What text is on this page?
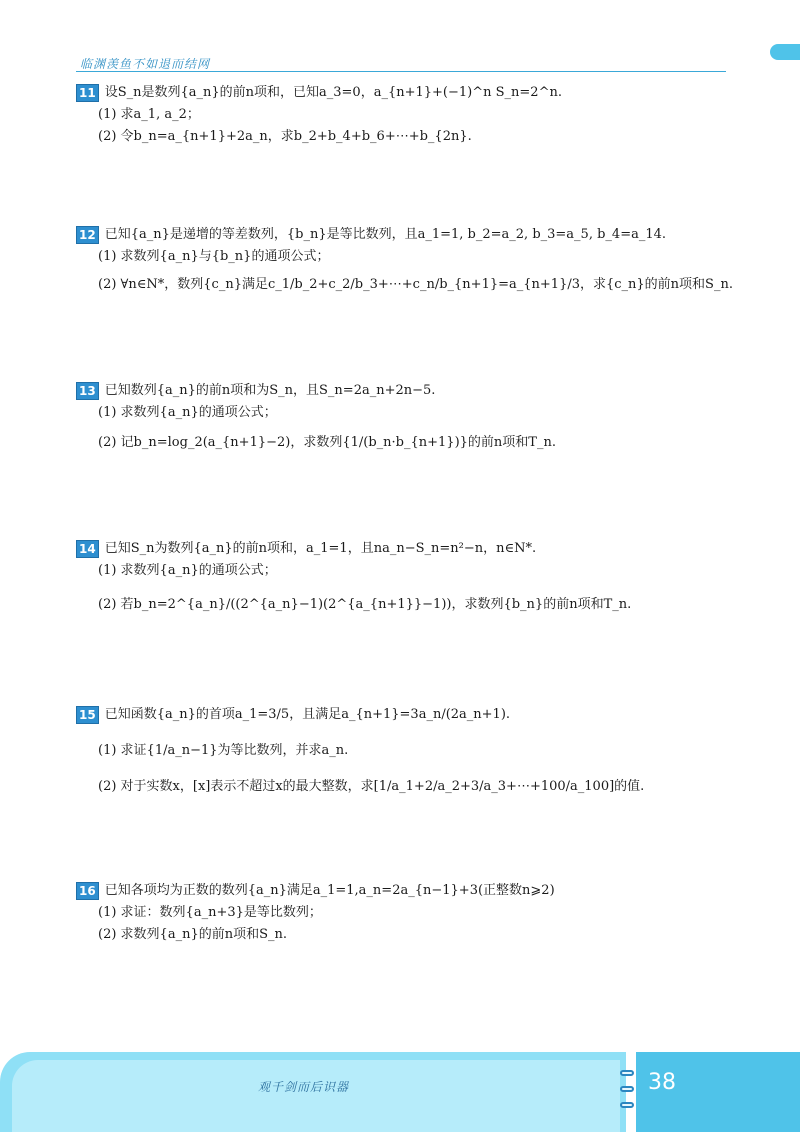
临渊羡鱼不如退而结网
11 设S_n是数列{a_n}的前n项和，已知a_3=0，a_{n+1}+(−1)^n S_n=2^n.
(1) 求a_1, a_2；
(2) 令b_n=a_{n+1}+2a_n，求b_2+b_4+b_6+⋯+b_{2n}.
12 已知{a_n}是递增的等差数列，{b_n}是等比数列，且a_1=1, b_2=a_2, b_3=a_5, b_4=a_14.
(1) 求数列{a_n}与{b_n}的通项公式；
(2) ∀n∈N*，数列{c_n}满足c_1/b_2+c_2/b_3+⋯+c_n/b_{n+1}=a_{n+1}/3，求{c_n}的前n项和S_n.
13 已知数列{a_n}的前n项和为S_n，且S_n=2a_n+2n−5.
(1) 求数列{a_n}的通项公式；
(2) 记b_n=log_2(a_{n+1}−2)，求数列{1/(b_n·b_{n+1})}的前n项和T_n.
14 已知S_n为数列{a_n}的前n项和，a_1=1，且na_n−S_n=n²−n，n∈N*.
(1) 求数列{a_n}的通项公式；
(2) 若b_n=2^{a_n}/((2^{a_n}−1)(2^{a_{n+1}}−1))，求数列{b_n}的前n项和T_n.
15 已知函数{a_n}的首项a_1=3/5，且满足a_{n+1}=3a_n/(2a_n+1).
(1) 求证{1/a_n−1}为等比数列，并求a_n.
(2) 对于实数x，[x]表示不超过x的最大整数，求[1/a_1+2/a_2+3/a_3+⋯+100/a_100]的值.
16 已知各项均为正数的数列{a_n}满足a_1=1,a_n=2a_{n−1}+3(正整数n⩾2)
(1) 求证：数列{a_n+3}是等比数列；
(2) 求数列{a_n}的前n项和S_n.
观千剑而后识器	38
